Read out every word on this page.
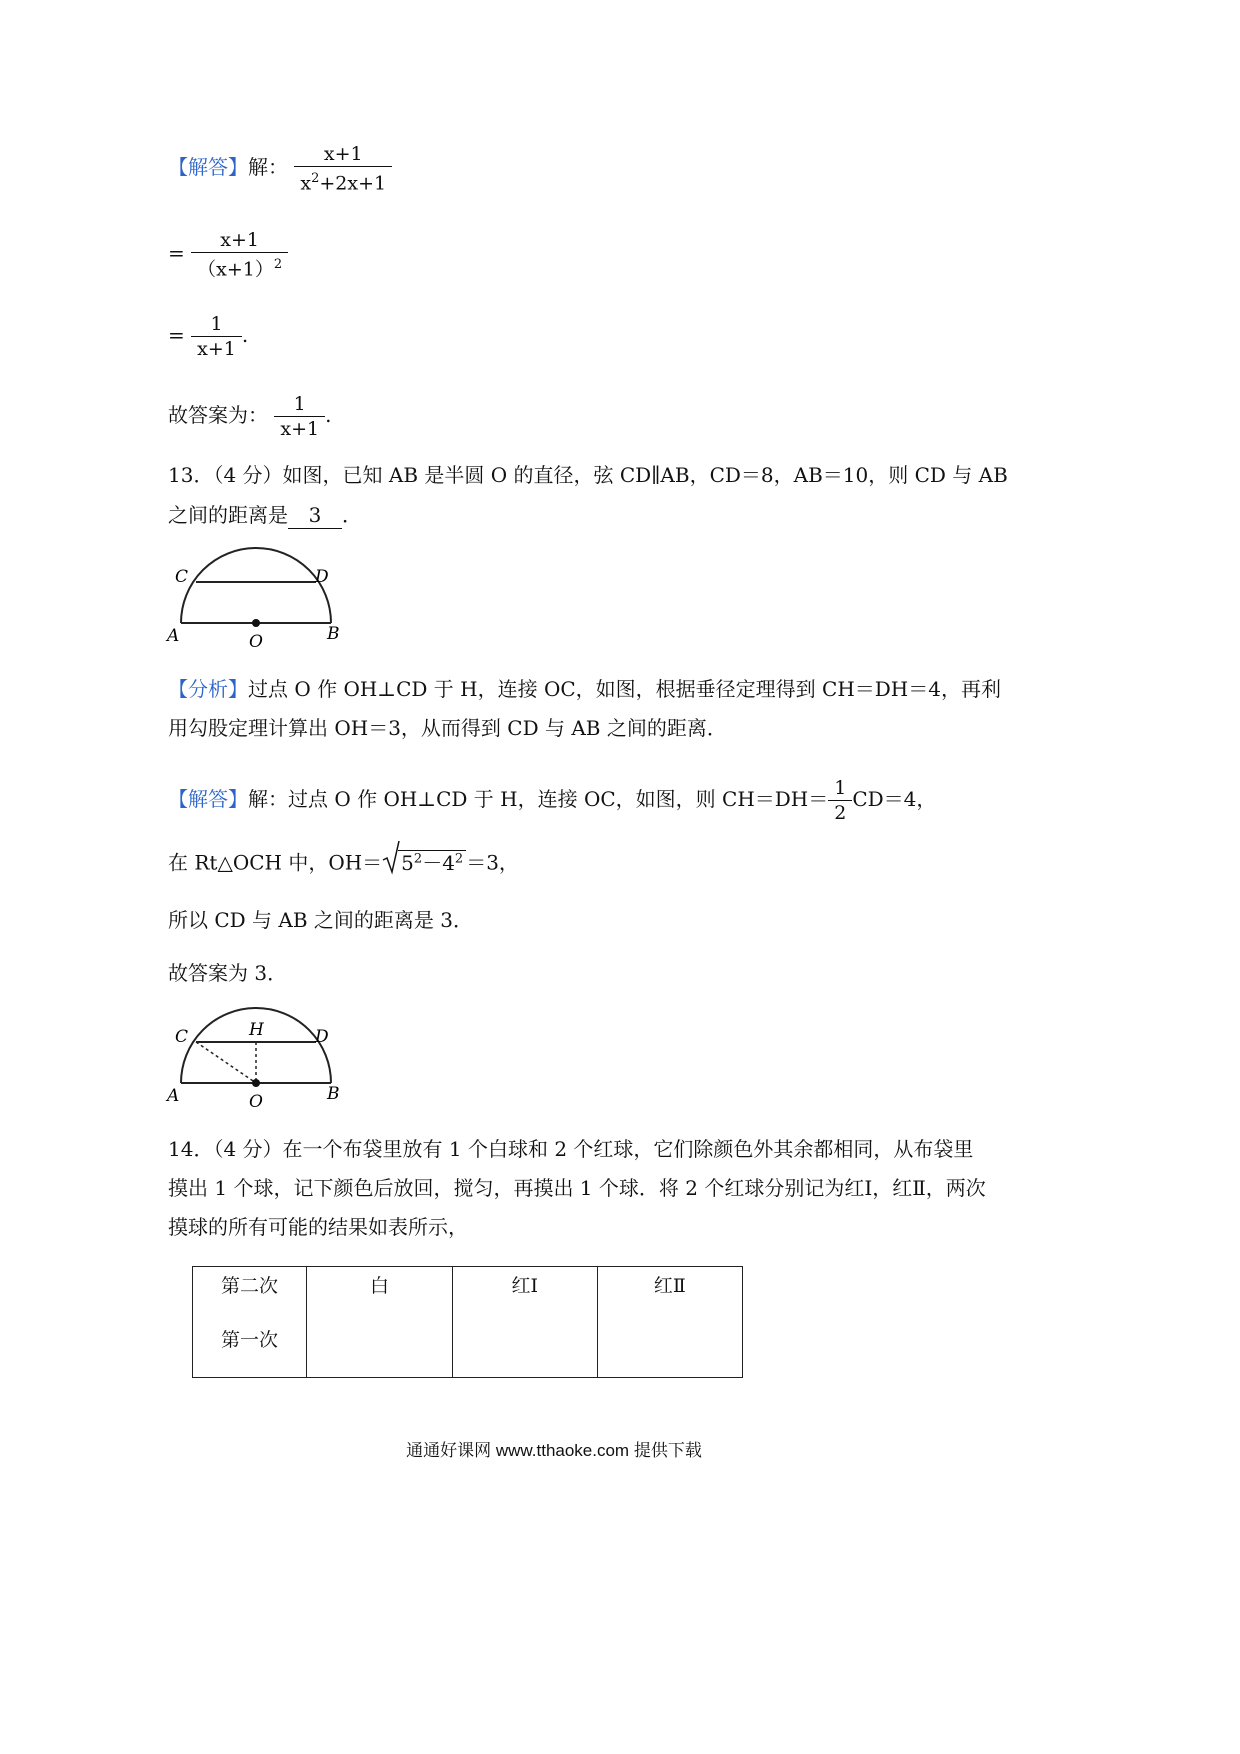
【解答】解： $\frac{x+1}{x^2+2x+1}$
= $\frac{x+1}{(x+1)^2}$
= $\frac{1}{x+1}$ .
故答案为： $\frac{1}{x+1}$ .
13．（4 分）如图，已知 AB 是半圆 O 的直径，弦 CD∥AB，CD＝8，AB＝10，则 CD 与 AB
之间的距离是 3 ．
C	D
A	O	B
【分析】过点 O 作 OH⊥CD 于 H，连接 OC，如图，根据垂径定理得到 CH＝DH＝4，再利
用勾股定理计算出 OH＝3，从而得到 CD 与 AB 之间的距离．
【解答】解：过点 O 作 OH⊥CD 于 H，连接 OC，如图，则 $CH=DH= \frac{1}{2} CD=4$，
在 Rt△OCH 中，$OH= 5^2-4^2 =3$，
所以 CD 与 AB 之间的距离是 3．
故答案为 3．
C	H	D
A	O	B
14．（4 分）在一个布袋里放有 1 个白球和 2 个红球，它们除颜色外其余都相同，从布袋里
摸出 1 个球，记下颜色后放回，搅匀，再摸出 1 个球．将 2 个红球分别记为红Ⅰ，红Ⅱ，两次
摸球的所有可能的结果如表所示，
第二次
第一次
	白	红Ⅰ	红Ⅱ
通通好课网 www.tthaoke.com 提供下载
